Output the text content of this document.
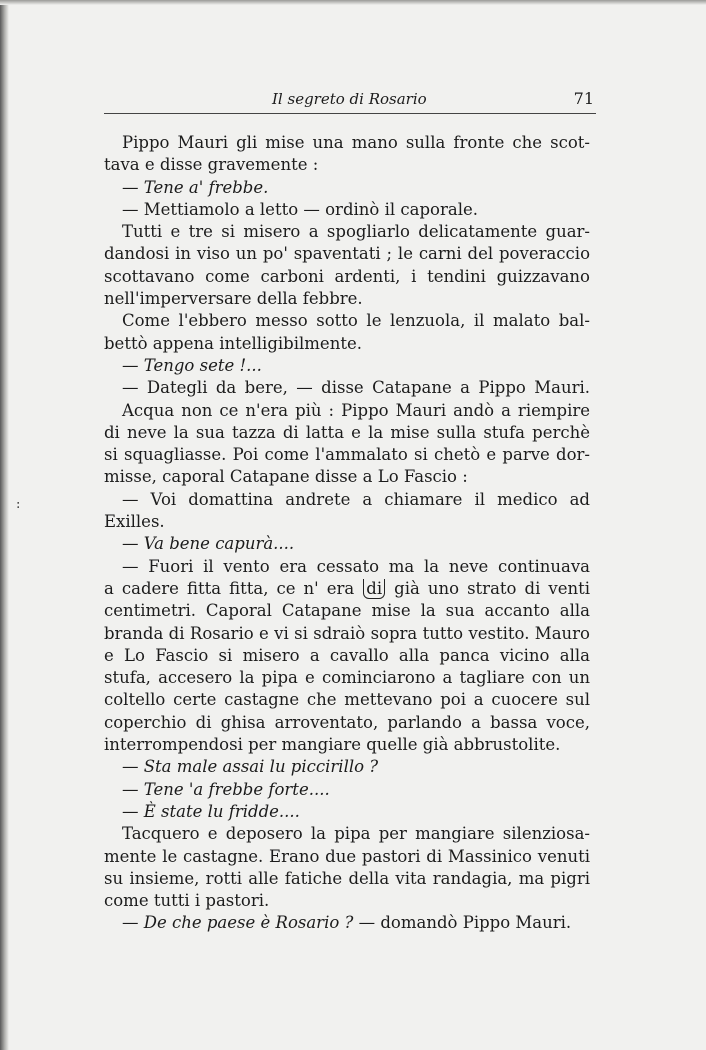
Il segreto di Rosario	71
:
Pippo Mauri gli mise una mano sulla fronte che scot-
tava e disse gravemente :
— Tene a' frebbe.
— Mettiamolo a letto — ordinò il caporale.
Tutti e tre si misero a spogliarlo delicatamente guar-
dandosi in viso un po' spaventati ; le carni del poveraccio
scottavano come carboni ardenti, i tendini guizzavano
nell'imperversare della febbre.
Come l'ebbero messo sotto le lenzuola, il malato bal-
bettò appena intelligibilmente.
— Tengo sete !...
— Dategli da bere, — disse Catapane a Pippo Mauri.
Acqua non ce n'era più : Pippo Mauri andò a riempire
di neve la sua tazza di latta e la mise sulla stufa perchè
si squagliasse. Poi come l'ammalato si chetò e parve dor-
misse, caporal Catapane disse a Lo Fascio :
— Voi domattina andrete a chiamare il medico ad
Exilles.
— Va bene capurà....
— Fuori il vento era cessato ma la neve continuava
a cadere fitta fitta, ce n' era di già uno strato di venti
centimetri. Caporal Catapane mise la sua accanto alla
branda di Rosario e vi si sdraiò sopra tutto vestito. Mauro
e Lo Fascio si misero a cavallo alla panca vicino alla
stufa, accesero la pipa e cominciarono a tagliare con un
coltello certe castagne che mettevano poi a cuocere sul
coperchio di ghisa arroventato, parlando a bassa voce,
interrompendosi per mangiare quelle già abbrustolite.
— Sta male assai lu piccirillo ?
— Tene 'a frebbe forte....
— È state lu fridde....
Tacquero e deposero la pipa per mangiare silenziosa-
mente le castagne. Erano due pastori di Massinico venuti
su insieme, rotti alle fatiche della vita randagia, ma pigri
come tutti i pastori.
— De che paese è Rosario ? — domandò Pippo Mauri.
